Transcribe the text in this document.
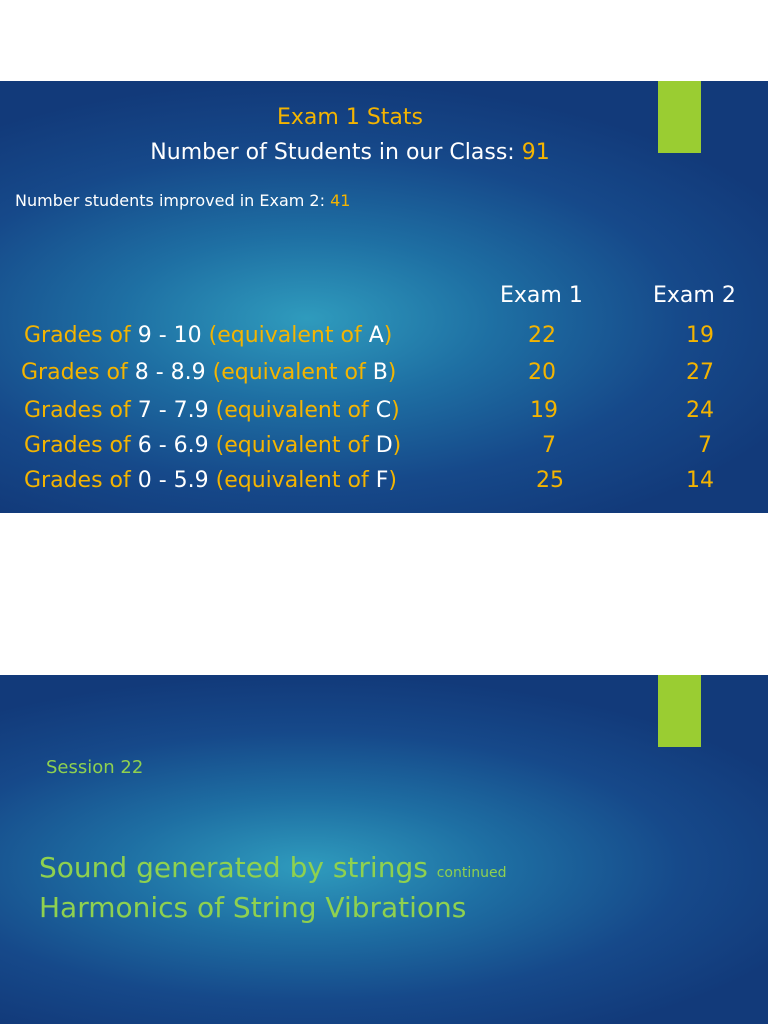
Exam 1 Stats
Number of Students in our Class: 91
Number students improved in Exam 2: 41
Exam 1	Exam 2
Grades of 9 - 10 (equivalent of A)	22	19
Grades of 8 - 8.9 (equivalent of B)	20	27
Grades of 7 - 7.9 (equivalent of C)	19	24
Grades of 6 - 6.9 (equivalent of D)	7	7
Grades of 0 - 5.9 (equivalent of F)	25	14
Session 22
Sound generated by strings continued
Harmonics of String Vibrations
